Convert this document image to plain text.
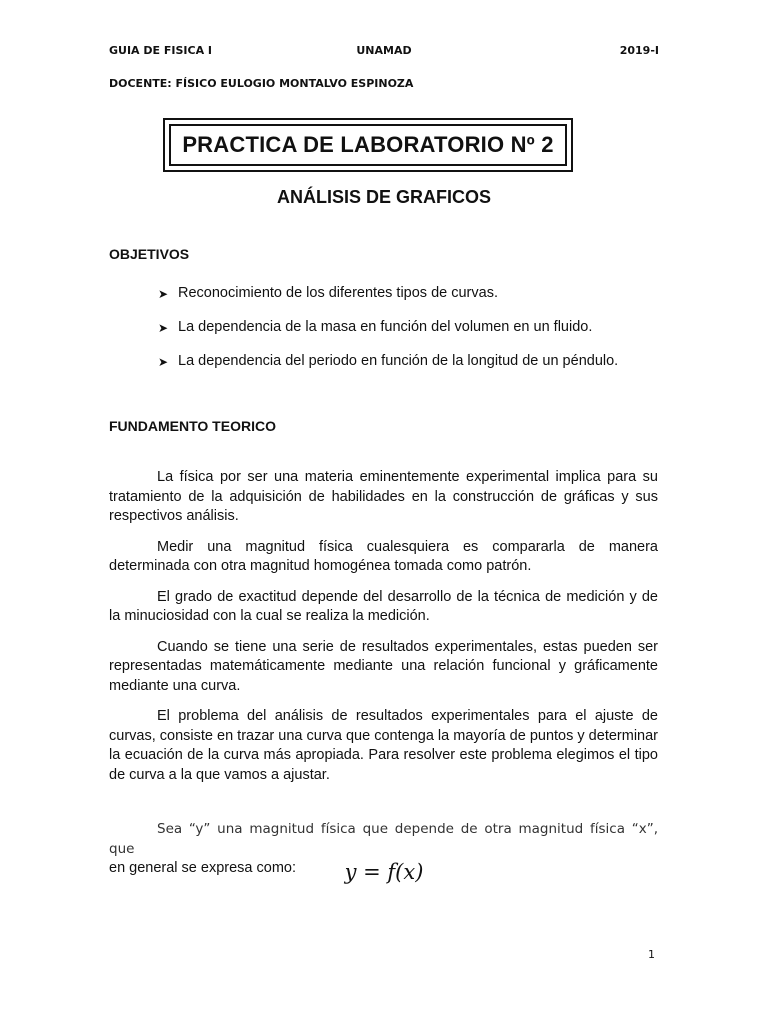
GUIA DE FISICA I	UNAMAD	2019-I
DOCENTE: FÍSICO EULOGIO MONTALVO ESPINOZA
PRACTICA DE LABORATORIO Nº 2
ANÁLISIS DE GRAFICOS
OBJETIVOS
➤ Reconocimiento de los diferentes tipos de curvas.
➤ La dependencia de la masa en función del volumen en un fluido.
➤ La dependencia del periodo en función de la longitud de un péndulo.
FUNDAMENTO TEORICO

La física por ser una materia eminentemente experimental implica para su tratamiento de la adquisición de habilidades en la construcción de gráficas y sus respectivos análisis.

Medir una magnitud física cualesquiera es compararla de manera determinada con otra magnitud homogénea tomada como patrón.

El grado de exactitud depende del desarrollo de la técnica de medición y de la minuciosidad con la cual se realiza la medición.

Cuando se tiene una serie de resultados experimentales, estas pueden ser representadas matemáticamente mediante una relación funcional y gráficamente mediante una curva.

El problema del análisis de resultados experimentales para el ajuste de curvas, consiste en trazar una curva que contenga la mayoría de puntos y determinar la ecuación de la curva más apropiada. Para resolver este problema elegimos el tipo de curva a la que vamos a ajustar.

Sea “y” una magnitud física que depende de otra magnitud física “x”, que
en general se expresa como:	y = f(x)
1
